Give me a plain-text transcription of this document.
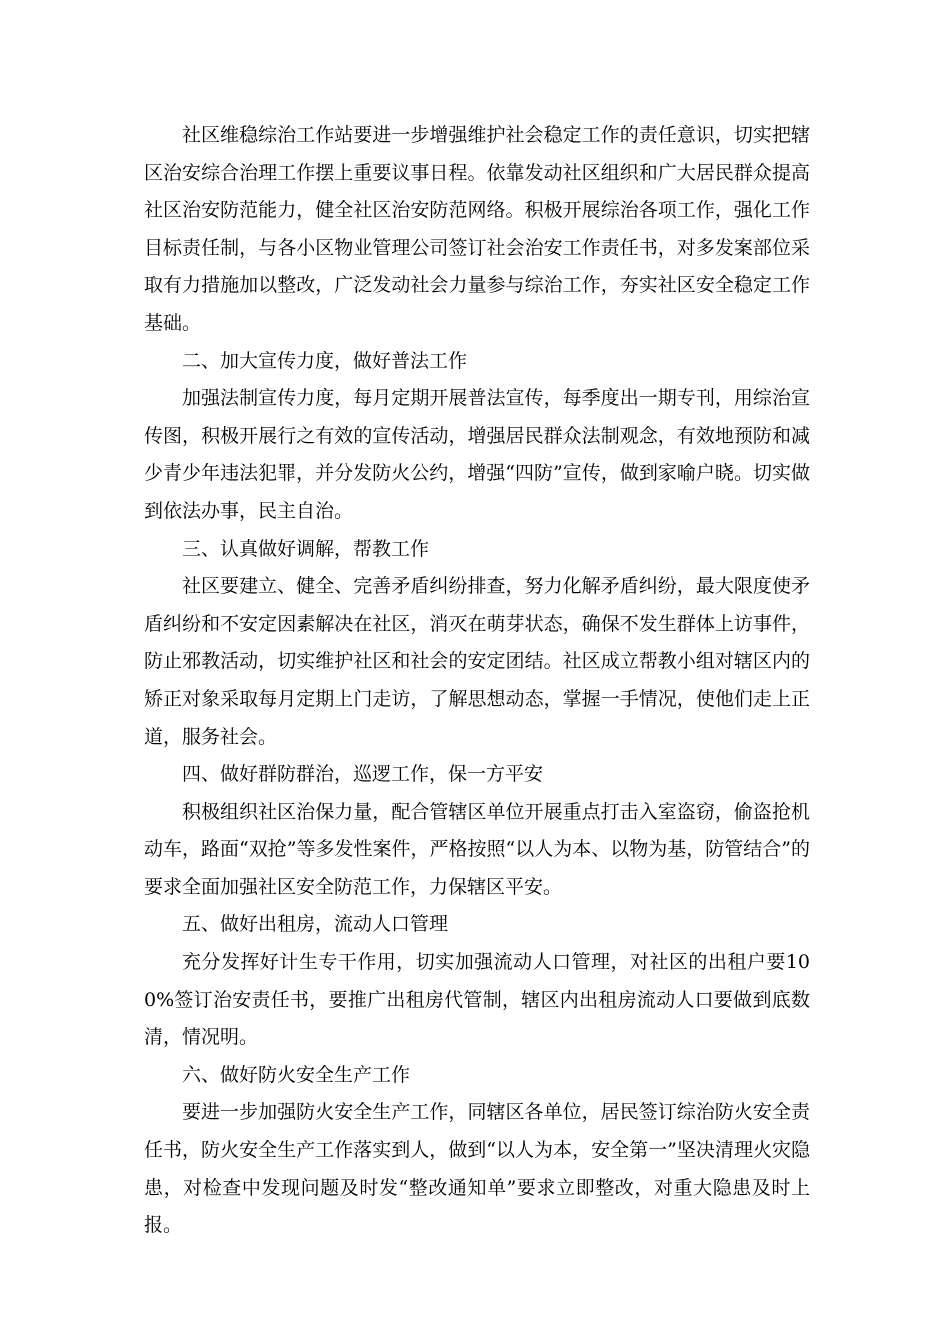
社区维稳综治工作站要进一步增强维护社会稳定工作的责任意识，切实把辖区治安综合治理工作摆上重要议事日程。依靠发动社区组织和广大居民群众提高社区治安防范能力，健全社区治安防范网络。积极开展综治各项工作，强化工作目标责任制，与各小区物业管理公司签订社会治安工作责任书，对多发案部位采取有力措施加以整改，广泛发动社会力量参与综治工作，夯实社区安全稳定工作基础。

二、加大宣传力度，做好普法工作

加强法制宣传力度，每月定期开展普法宣传，每季度出一期专刊，用综治宣传图，积极开展行之有效的宣传活动，增强居民群众法制观念，有效地预防和减少青少年违法犯罪，并分发防火公约，增强“四防”宣传，做到家喻户晓。切实做到依法办事，民主自治。

三、认真做好调解，帮教工作

社区要建立、健全、完善矛盾纠纷排查，努力化解矛盾纠纷，最大限度使矛盾纠纷和不安定因素解决在社区，消灭在萌芽状态，确保不发生群体上访事件，防止邪教活动，切实维护社区和社会的安定团结。社区成立帮教小组对辖区内的矫正对象采取每月定期上门走访，了解思想动态，掌握一手情况，使他们走上正道，服务社会。

四、做好群防群治，巡逻工作，保一方平安

积极组织社区治保力量，配合管辖区单位开展重点打击入室盗窃，偷盗抢机动车，路面“双抢”等多发性案件，严格按照“以人为本、以物为基，防管结合”的要求全面加强社区安全防范工作，力保辖区平安。

五、做好出租房，流动人口管理

充分发挥好计生专干作用，切实加强流动人口管理，对社区的出租户要100%签订治安责任书，要推广出租房代管制，辖区内出租房流动人口要做到底数清，情况明。

六、做好防火安全生产工作

要进一步加强防火安全生产工作，同辖区各单位，居民签订综治防火安全责任书，防火安全生产工作落实到人，做到“以人为本，安全第一”坚决清理火灾隐患，对检查中发现问题及时发“整改通知单”要求立即整改，对重大隐患及时上报。
